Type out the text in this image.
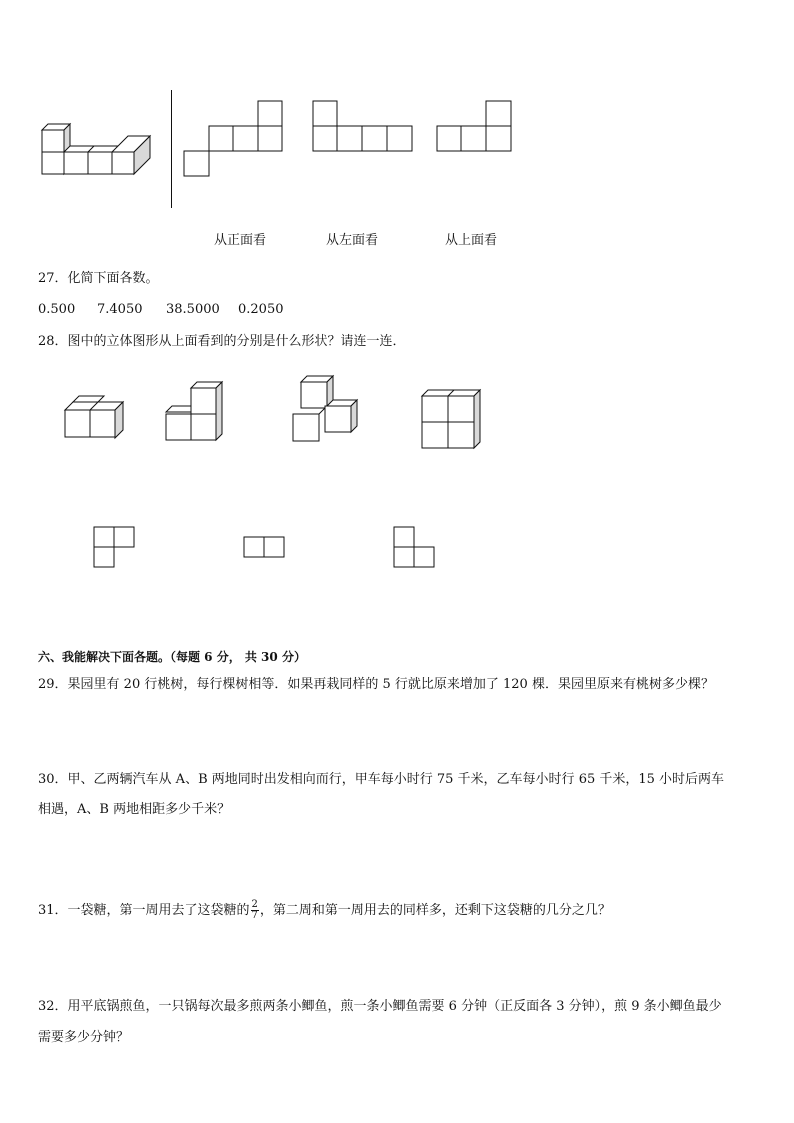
从正面看	从左面看	从上面看
27．化简下面各数。
0.500 7.4050 38.5000 0.2050
28．图中的立体图形从上面看到的分别是什么形状？请连一连．
六、我能解决下面各题。（每题 6 分， 共 30 分）
29．果园里有 20 行桃树，每行棵树相等．如果再栽同样的 5 行就比原来增加了 120 棵．果园里原来有桃树多少棵？
30．甲、乙两辆汽车从 A、B 两地同时出发相向而行，甲车每小时行 75 千米，乙车每小时行 65 千米，15 小时后两车
相遇，A、B 两地相距多少千米？
31．一袋糖，第一周用去了这袋糖的 $\frac{2}{7}$ ，第二周和第一周用去的同样多，还剩下这袋糖的几分之几？
32．用平底锅煎鱼，一只锅每次最多煎两条小鲫鱼，煎一条小鲫鱼需要 6 分钟（正反面各 3 分钟），煎 9 条小鲫鱼最少
需要多少分钟？
